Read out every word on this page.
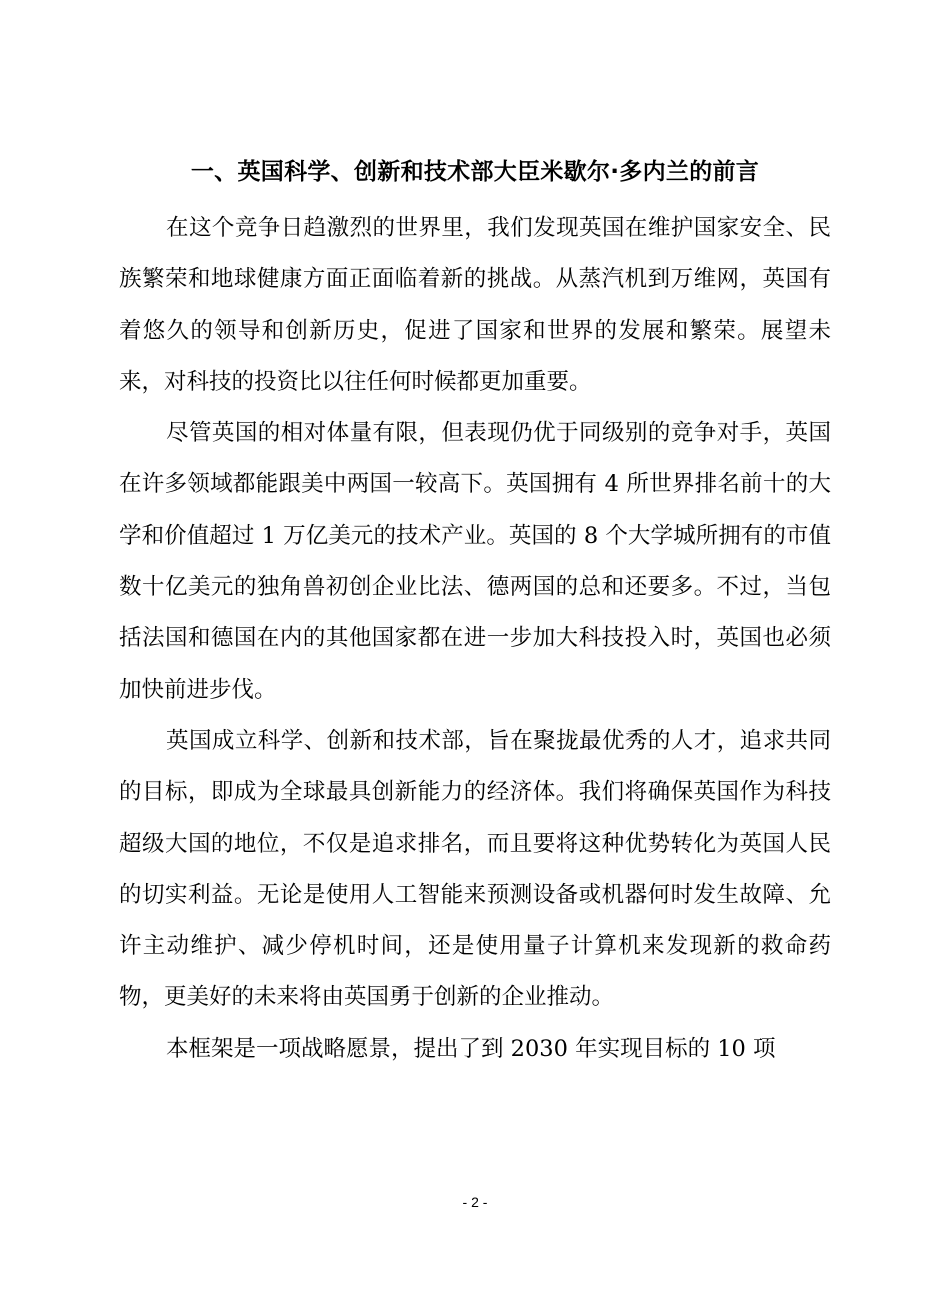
一、英国科学、创新和技术部大臣米歇尔·多内兰的前言

在这个竞争日趋激烈的世界里，我们发现英国在维护国家安全、民族繁荣和地球健康方面正面临着新的挑战。从蒸汽机到万维网，英国有着悠久的领导和创新历史，促进了国家和世界的发展和繁荣。展望未来，对科技的投资比以往任何时候都更加重要。

尽管英国的相对体量有限，但表现仍优于同级别的竞争对手，英国在许多领域都能跟美中两国一较高下。英国拥有 4 所世界排名前十的大学和价值超过 1 万亿美元的技术产业。英国的 8 个大学城所拥有的市值数十亿美元的独角兽初创企业比法、德两国的总和还要多。不过，当包括法国和德国在内的其他国家都在进一步加大科技投入时，英国也必须加快前进步伐。

英国成立科学、创新和技术部，旨在聚拢最优秀的人才，追求共同的目标，即成为全球最具创新能力的经济体。我们将确保英国作为科技超级大国的地位，不仅是追求排名，而且要将这种优势转化为英国人民的切实利益。无论是使用人工智能来预测设备或机器何时发生故障、允许主动维护、减少停机时间，还是使用量子计算机来发现新的救命药物，更美好的未来将由英国勇于创新的企业推动。

本框架是一项战略愿景，提出了到 2030 年实现目标的 10 项

- 2 -
